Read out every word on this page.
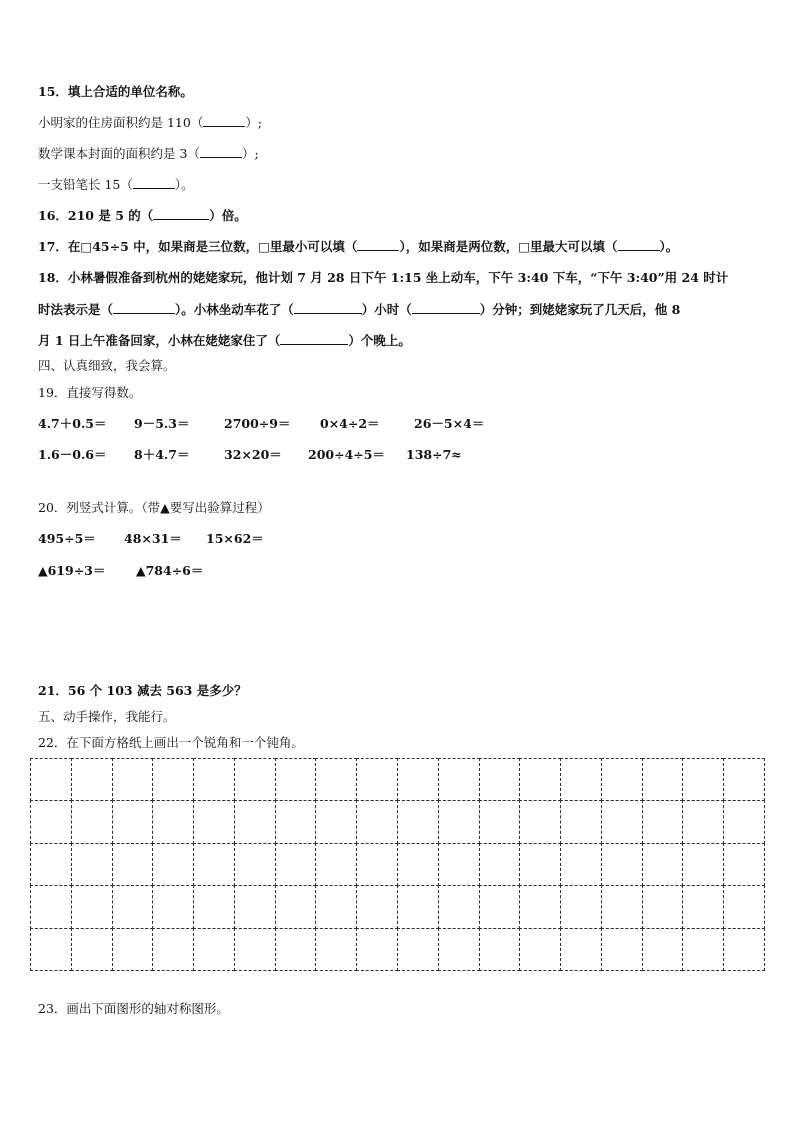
15．填上合适的单位名称。
小明家的住房面积约是 110（	）;
数学课本封面的面积约是 3（	）;
一支铅笔长 15（	）。
16．210 是 5 的（	）倍。
17．在□45÷5 中，如果商是三位数，□里最小可以填（	），如果商是两位数，□里最大可以填（	）。
18．小林暑假准备到杭州的姥姥家玩，他计划 7 月 28 日下午 1:15 坐上动车，下午 3:40 下车，“下午 3:40”用 24 时计
时法表示是（	）。小林坐动车花了（	）小时（	）分钟；到姥姥家玩了几天后，他 8
月 1 日上午准备回家，小林在姥姥家住了（	）个晚上。
四、认真细致，我会算。
19．直接写得数。
4.7＋0.5＝ 9－5.3＝	2700÷9＝ 0×4÷2＝	26－5×4＝
1.6－0.6＝ 8＋4.7＝	32×20＝ 200÷4÷5＝ 138÷7≈
20．列竖式计算。（带▲要写出验算过程）
495÷5＝ 48×31＝ 15×62＝
▲619÷3＝ ▲784÷6＝
21．56 个 103 减去 563 是多少？
五、动手操作，我能行。
22．在下面方格纸上画出一个锐角和一个钝角。
23．画出下面图形的轴对称图形。
